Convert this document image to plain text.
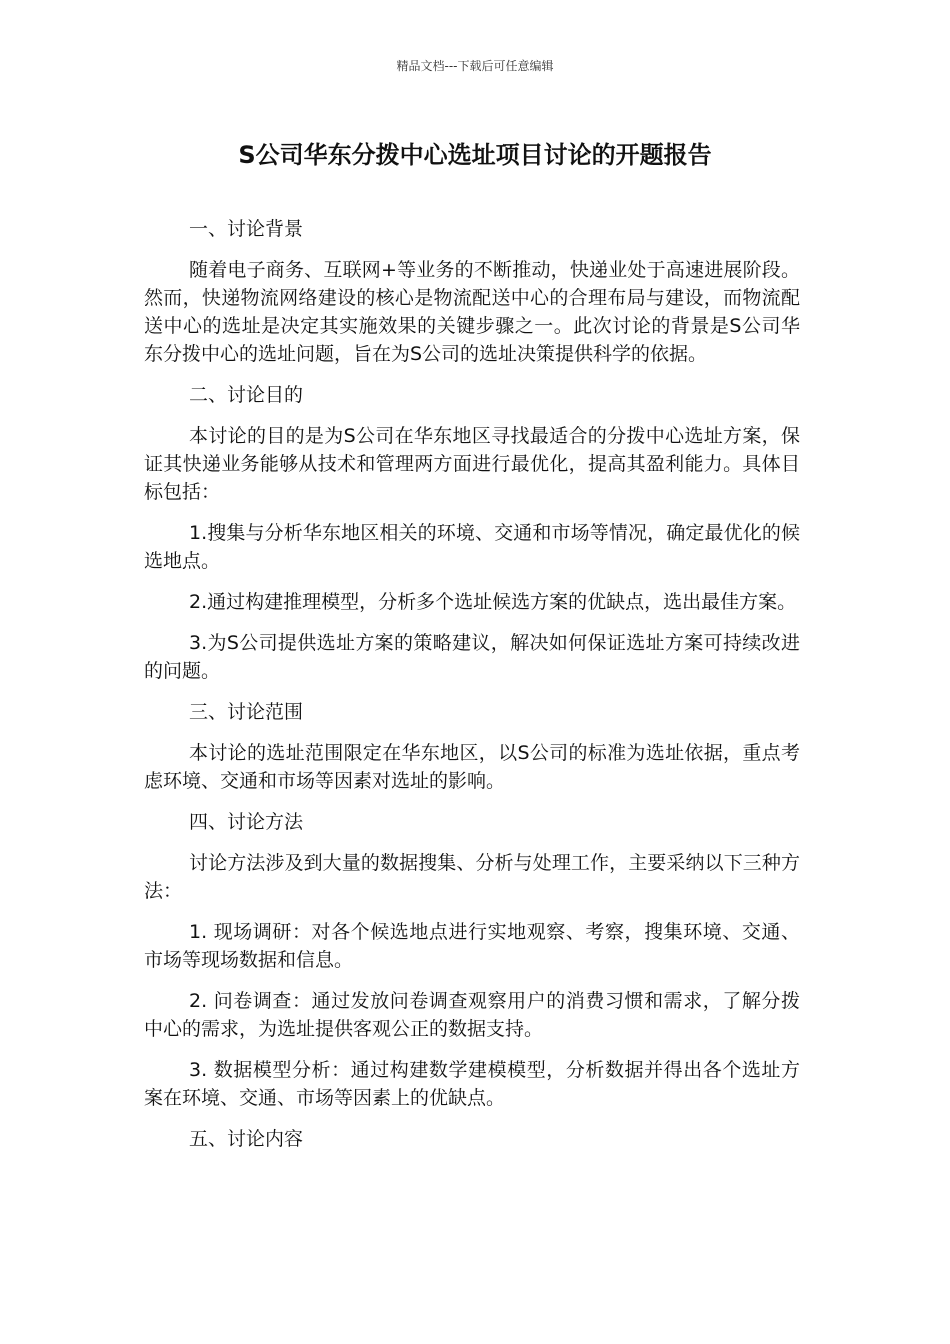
精品文档---下载后可任意编辑
S公司华东分拨中心选址项目讨论的开题报告

一、讨论背景

随着电子商务、互联网+等业务的不断推动，快递业处于高速进展阶段。然而，快递物流网络建设的核心是物流配送中心的合理布局与建设，而物流配送中心的选址是决定其实施效果的关键步骤之一。此次讨论的背景是S公司华东分拨中心的选址问题，旨在为S公司的选址决策提供科学的依据。

二、讨论目的

本讨论的目的是为S公司在华东地区寻找最适合的分拨中心选址方案，保证其快递业务能够从技术和管理两方面进行最优化，提高其盈利能力。具体目标包括：

1.搜集与分析华东地区相关的环境、交通和市场等情况，确定最优化的候选地点。

2.通过构建推理模型，分析多个选址候选方案的优缺点，选出最佳方案。

3.为S公司提供选址方案的策略建议，解决如何保证选址方案可持续改进的问题。

三、讨论范围

本讨论的选址范围限定在华东地区，以S公司的标准为选址依据，重点考虑环境、交通和市场等因素对选址的影响。

四、讨论方法

讨论方法涉及到大量的数据搜集、分析与处理工作，主要采纳以下三种方法：

1. 现场调研：对各个候选地点进行实地观察、考察，搜集环境、交通、市场等现场数据和信息。

2. 问卷调查：通过发放问卷调查观察用户的消费习惯和需求，了解分拨中心的需求，为选址提供客观公正的数据支持。

3. 数据模型分析：通过构建数学建模模型，分析数据并得出各个选址方案在环境、交通、市场等因素上的优缺点。

五、讨论内容
